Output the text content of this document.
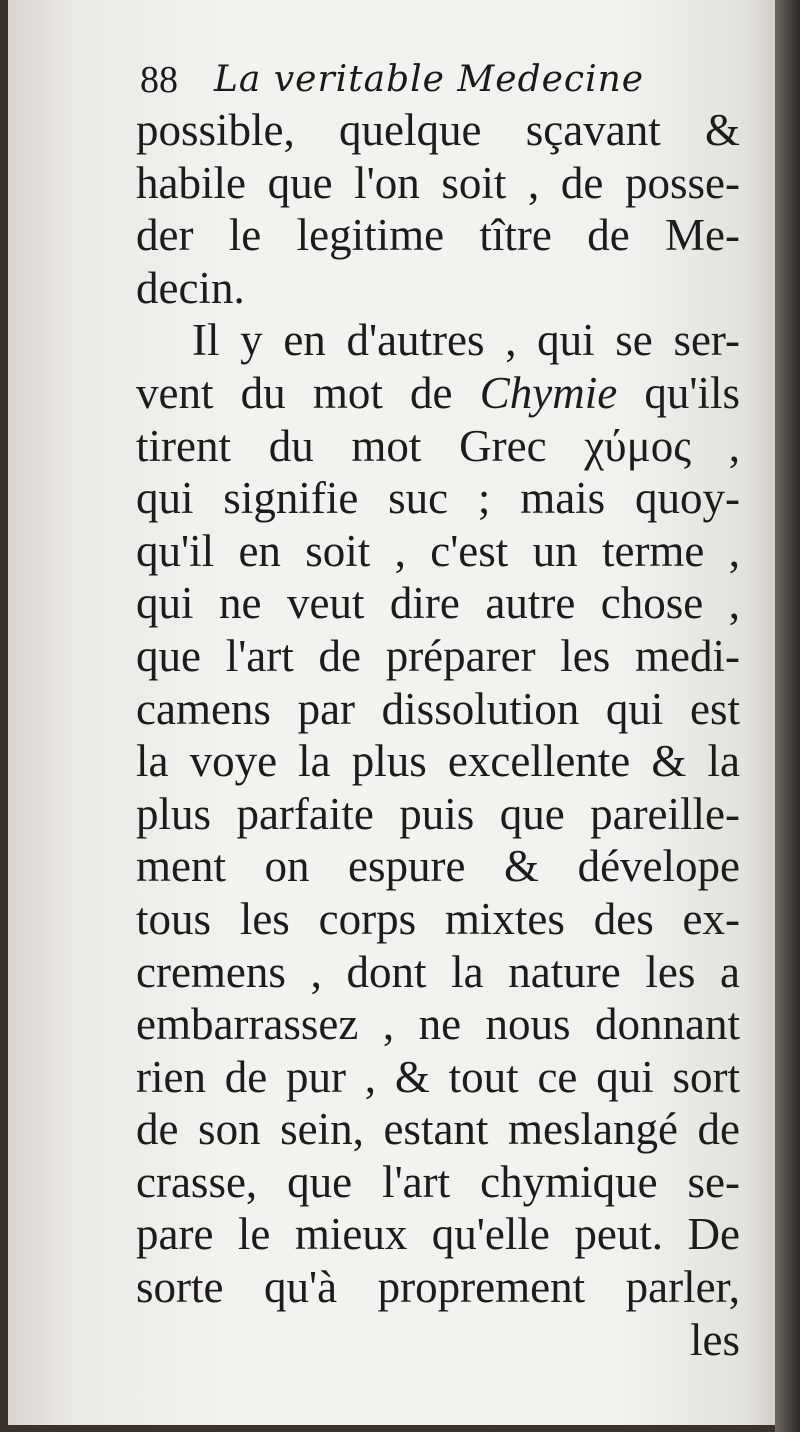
88 La veritable Medecine
possible, quelque sçavant &
habile que l'on soit , de posse-
der le legitime tître de Me-
decin.
Il y en d'autres , qui se ser-
vent du mot de Chymie qu'ils
tirent du mot Grec χύμος ,
qui signifie suc ; mais quoy-
qu'il en soit , c'est un terme ,
qui ne veut dire autre chose ,
que l'art de préparer les medi-
camens par dissolution qui est
la voye la plus excellente & la
plus parfaite puis que pareille-
ment on espure & dévelope
tous les corps mixtes des ex-
cremens , dont la nature les a
embarrassez , ne nous donnant
rien de pur , & tout ce qui sort
de son sein, estant meslangé de
crasse, que l'art chymique se-
pare le mieux qu'elle peut. De
sorte qu'à proprement parler,
les
